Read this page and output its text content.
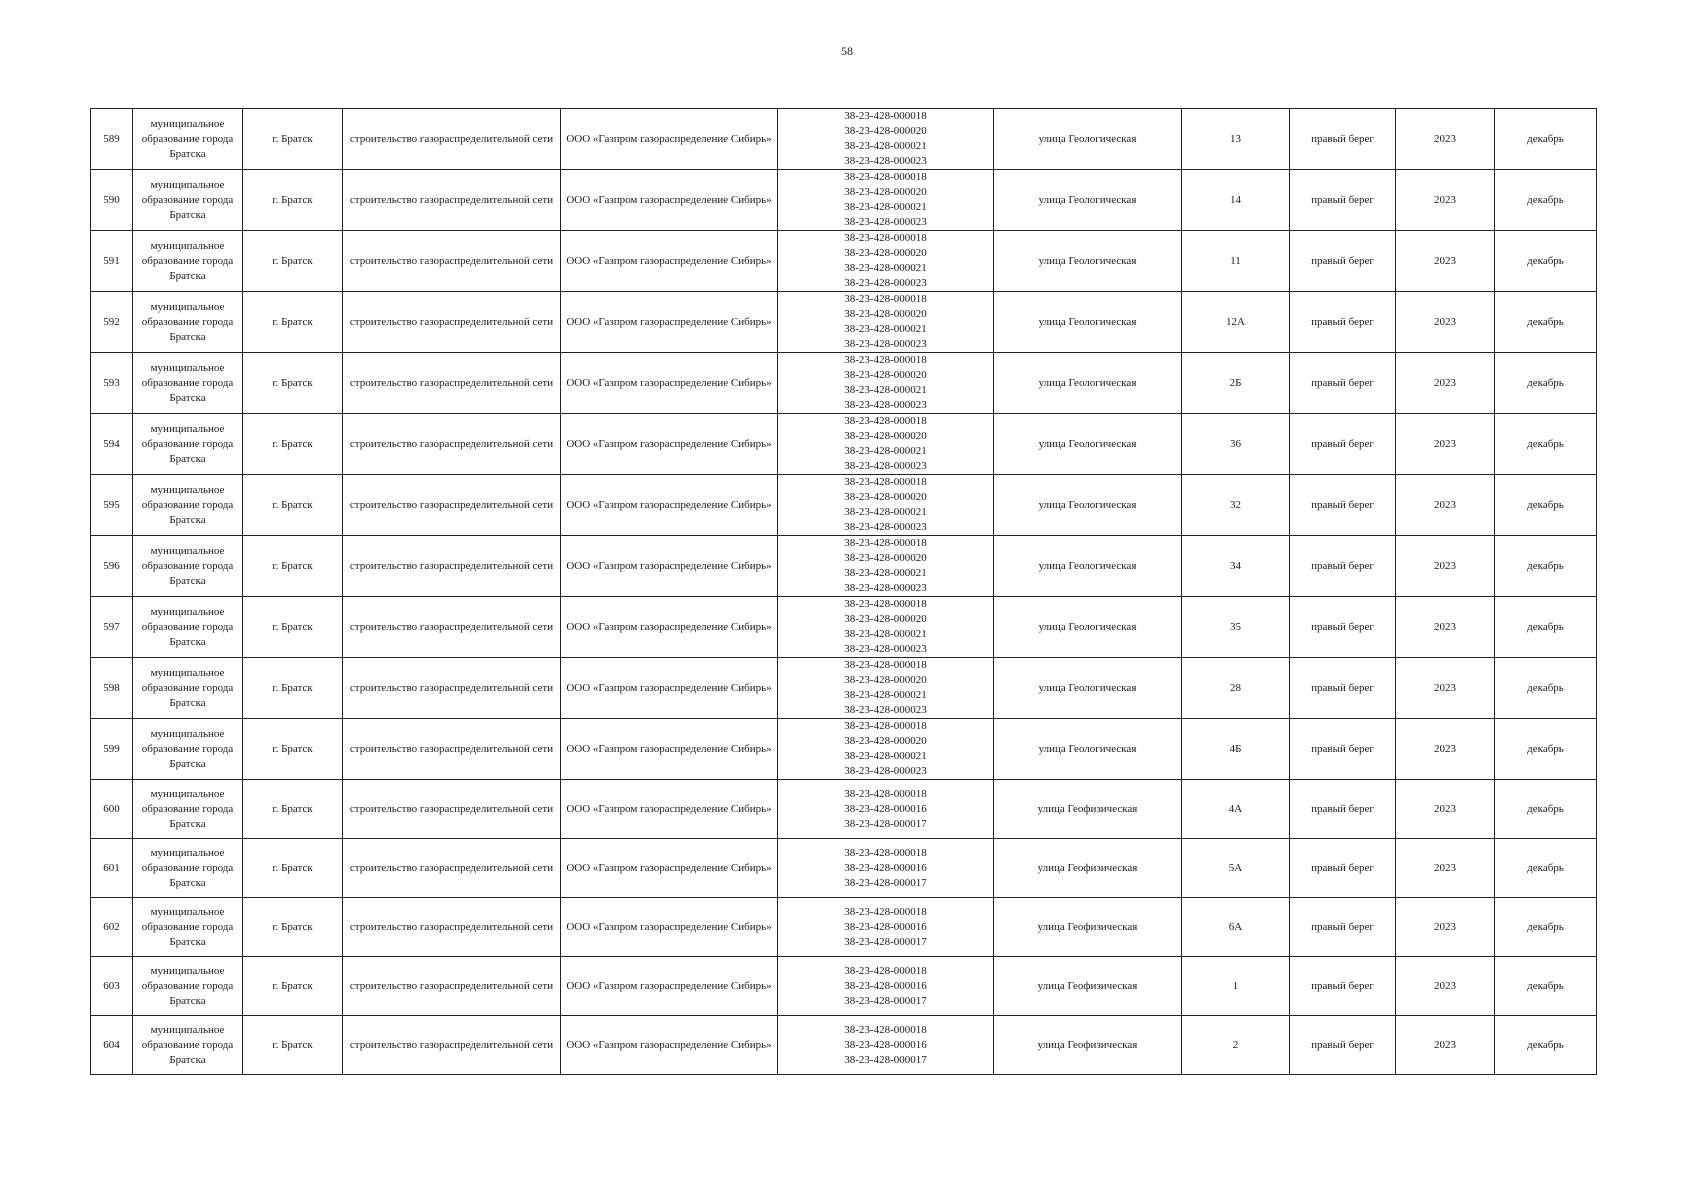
58
589	муниципальное
образование города
Братска	г. Братск	строительство газораспределительной сети	ООО «Газпром газораспределение Сибирь»	38-23-428-000018
38-23-428-000020
38-23-428-000021
38-23-428-000023	улица Геологическая	13	правый берег	2023	декабрь
590	муниципальное
образование города
Братска	г. Братск	строительство газораспределительной сети	ООО «Газпром газораспределение Сибирь»	38-23-428-000018
38-23-428-000020
38-23-428-000021
38-23-428-000023	улица Геологическая	14	правый берег	2023	декабрь
591	муниципальное
образование города
Братска	г. Братск	строительство газораспределительной сети	ООО «Газпром газораспределение Сибирь»	38-23-428-000018
38-23-428-000020
38-23-428-000021
38-23-428-000023	улица Геологическая	11	правый берег	2023	декабрь
592	муниципальное
образование города
Братска	г. Братск	строительство газораспределительной сети	ООО «Газпром газораспределение Сибирь»	38-23-428-000018
38-23-428-000020
38-23-428-000021
38-23-428-000023	улица Геологическая	12А	правый берег	2023	декабрь
593	муниципальное
образование города
Братска	г. Братск	строительство газораспределительной сети	ООО «Газпром газораспределение Сибирь»	38-23-428-000018
38-23-428-000020
38-23-428-000021
38-23-428-000023	улица Геологическая	2Б	правый берег	2023	декабрь
594	муниципальное
образование города
Братска	г. Братск	строительство газораспределительной сети	ООО «Газпром газораспределение Сибирь»	38-23-428-000018
38-23-428-000020
38-23-428-000021
38-23-428-000023	улица Геологическая	36	правый берег	2023	декабрь
595	муниципальное
образование города
Братска	г. Братск	строительство газораспределительной сети	ООО «Газпром газораспределение Сибирь»	38-23-428-000018
38-23-428-000020
38-23-428-000021
38-23-428-000023	улица Геологическая	32	правый берег	2023	декабрь
596	муниципальное
образование города
Братска	г. Братск	строительство газораспределительной сети	ООО «Газпром газораспределение Сибирь»	38-23-428-000018
38-23-428-000020
38-23-428-000021
38-23-428-000023	улица Геологическая	34	правый берег	2023	декабрь
597	муниципальное
образование города
Братска	г. Братск	строительство газораспределительной сети	ООО «Газпром газораспределение Сибирь»	38-23-428-000018
38-23-428-000020
38-23-428-000021
38-23-428-000023	улица Геологическая	35	правый берег	2023	декабрь
598	муниципальное
образование города
Братска	г. Братск	строительство газораспределительной сети	ООО «Газпром газораспределение Сибирь»	38-23-428-000018
38-23-428-000020
38-23-428-000021
38-23-428-000023	улица Геологическая	28	правый берег	2023	декабрь
599	муниципальное
образование города
Братска	г. Братск	строительство газораспределительной сети	ООО «Газпром газораспределение Сибирь»	38-23-428-000018
38-23-428-000020
38-23-428-000021
38-23-428-000023	улица Геологическая	4Б	правый берег	2023	декабрь
600	муниципальное
образование города
Братска	г. Братск	строительство газораспределительной сети	ООО «Газпром газораспределение Сибирь»	38-23-428-000018
38-23-428-000016
38-23-428-000017	улица Геофизическая	4А	правый берег	2023	декабрь
601	муниципальное
образование города
Братска	г. Братск	строительство газораспределительной сети	ООО «Газпром газораспределение Сибирь»	38-23-428-000018
38-23-428-000016
38-23-428-000017	улица Геофизическая	5А	правый берег	2023	декабрь
602	муниципальное
образование города
Братска	г. Братск	строительство газораспределительной сети	ООО «Газпром газораспределение Сибирь»	38-23-428-000018
38-23-428-000016
38-23-428-000017	улица Геофизическая	6А	правый берег	2023	декабрь
603	муниципальное
образование города
Братска	г. Братск	строительство газораспределительной сети	ООО «Газпром газораспределение Сибирь»	38-23-428-000018
38-23-428-000016
38-23-428-000017	улица Геофизическая	1	правый берег	2023	декабрь
604	муниципальное
образование города
Братска	г. Братск	строительство газораспределительной сети	ООО «Газпром газораспределение Сибирь»	38-23-428-000018
38-23-428-000016
38-23-428-000017	улица Геофизическая	2	правый берег	2023	декабрь
